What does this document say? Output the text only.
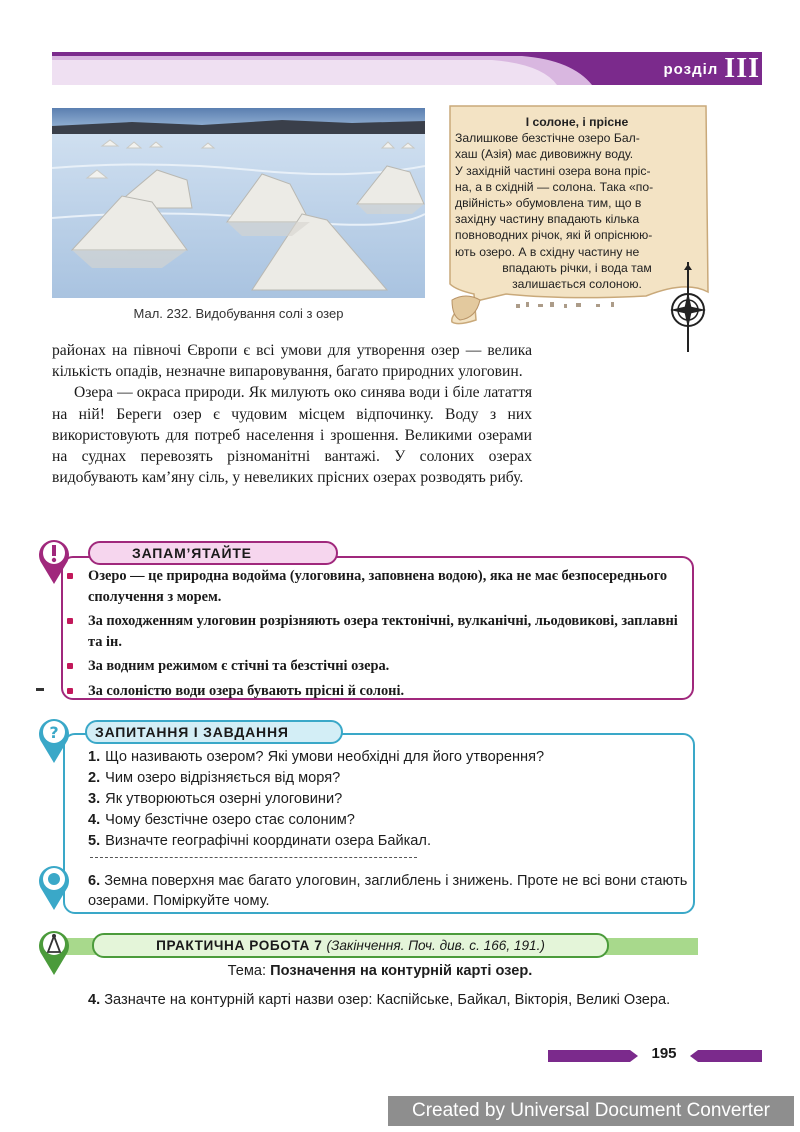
розділ III
Мал. 232. Видобування солі з озер
І солоне, і прісне
Залишкове безстічне озеро Бал-
хаш (Азія) має дивовижну воду.
У західній частині озера вона пріс-
на, а в східній — солона. Така «по-
двійність» обумовлена тим, що в
західну частину впадають кілька
повноводних річок, які й опріснюю-
ють озеро. А в східну частину не
впадають річки, і вода там
залишається солоною.

районах на півночі Європи є всі умови для утворення озер — велика кількість опадів, незначне випаровування, багато природних улоговин.

Озера — окраса природи. Як милують око синява води і біле латаття на ній! Береги озер є чудовим місцем відпочинку. Воду з них використовують для потреб населення і зрошення. Великими озерами на суднах перевозять різноманітні вантажі. У солоних озерах видобувають кам’яну сіль, у невеликих прісних озерах розводять рибу.

ЗАПАМ’ЯТАЙТЕ
Озеро — це природна водойма (улоговина, заповнена водою), яка не має безпосереднього сполучення з морем.
За походженням улоговин розрізняють озера тектонічні, вулканічні, льодовикові, заплавні та ін.
За водним режимом є стічні та безстічні озера.
За солоністю води озера бувають прісні й солоні.
?	ЗАПИТАННЯ І ЗАВДАННЯ
1. Що називають озером? Які умови необхідні для його утворення?
2. Чим озеро відрізняється від моря?
3. Як утворюються озерні улоговини?
4. Чому безстічне озеро стає солоним?
5. Визначте географічні координати озера Байкал.
6. Земна поверхня має багато улоговин, заглиблень і знижень. Проте не всі вони стають озерами. Поміркуйте чому.
ПРАКТИЧНА РОБОТА 7 (Закінчення. Поч. див. с. 166, 191.)
Тема: Позначення на контурній карті озер.
4. Зазначте на контурній карті назви озер: Каспійське, Байкал, Вікторія, Великі Озера.
195
Created by Universal Document Converter
